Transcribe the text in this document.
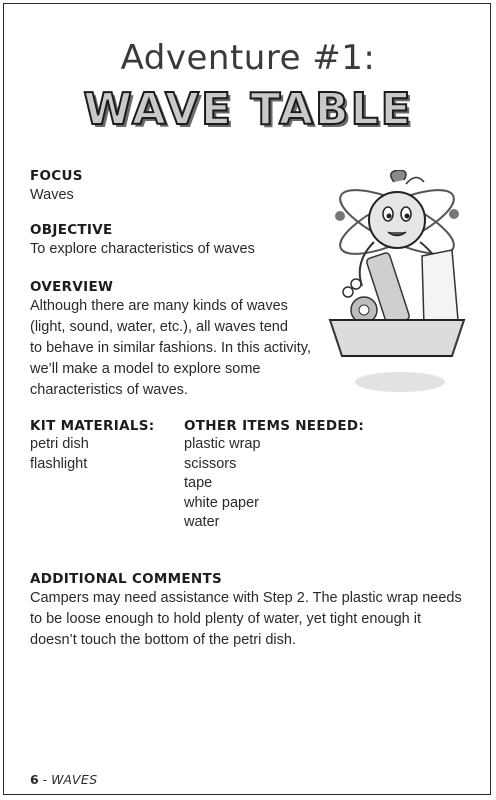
Adventure #1:
WAVE TABLE

FOCUS

Waves

OBJECTIVE

To explore characteristics of waves

OVERVIEW

Although there are many kinds of waves

(light, sound, water, etc.), all waves tend

to behave in similar fashions. In this activity,

we’ll make a model to explore some

characteristics of waves.

KIT MATERIALS:

petri dish
flashlight

OTHER ITEMS NEEDED:

plastic wrap
scissors
tape
white paper
water

ADDITIONAL COMMENTS

Campers may need assistance with Step 2. The plastic wrap needs

to be loose enough to hold plenty of water, yet tight enough it

doesn’t touch the bottom of the petri dish.

6 - WAVES
